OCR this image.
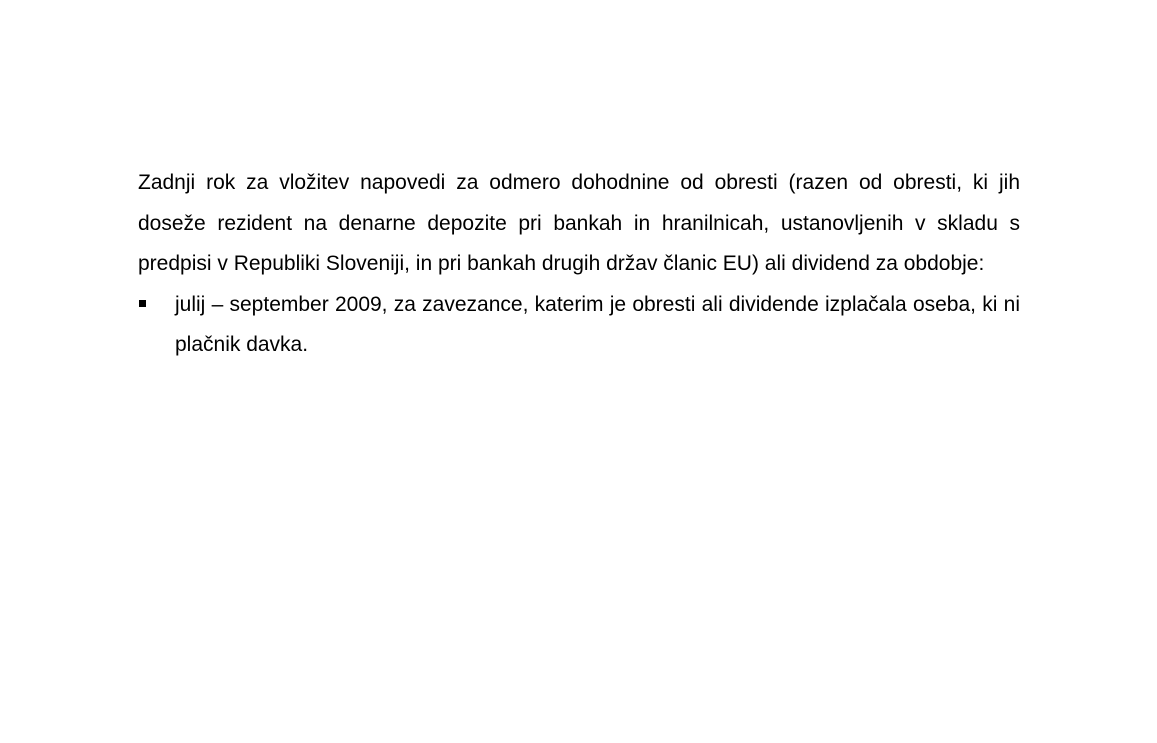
Zadnji rok za vložitev napovedi za odmero dohodnine od obresti (razen od obresti, ki jih doseže rezident na denarne depozite pri bankah in hranilnicah, ustanovljenih v skladu s predpisi v Republiki Sloveniji, in pri bankah drugih držav članic EU) ali dividend za obdobje:

julij – september 2009, za zavezance, katerim je obresti ali dividende izplačala oseba, ki ni plačnik davka.
